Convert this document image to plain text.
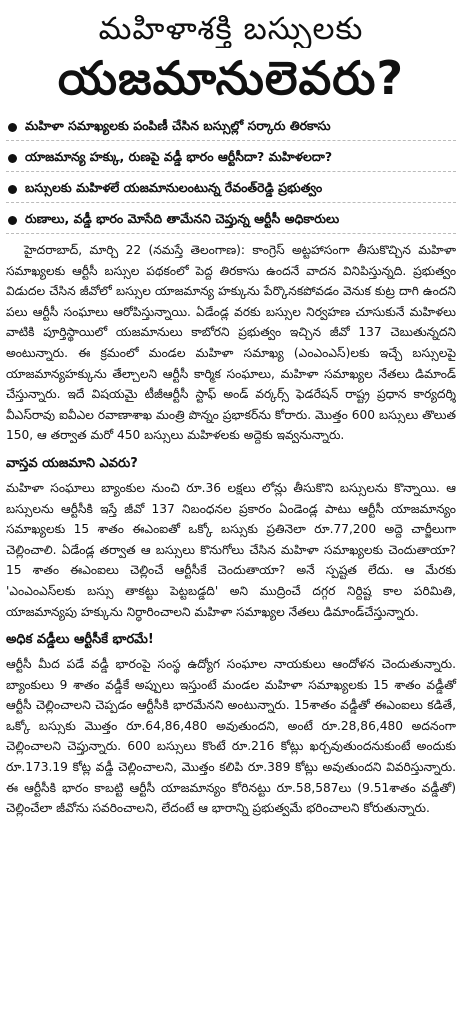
మహిళాశక్తి బస్సులకు
యజమానులెవరు?
మహిళా సమాఖ్యలకు పంపిణీ చేసిన బస్సుల్లో సర్కారు తిరకాసు
యాజమాన్య హక్కు, రుణపై వడ్డీ భారం ఆర్టీసీదా? మహిళలదా?
బస్సులకు మహిళలే యజమానులంటున్న రేవంత్‌రెడ్డి ప్రభుత్వం
రుణాలు, వడ్డీ భారం మోసేది తామేనని చెప్తున్న ఆర్టీసీ అధికారులు

హైదరాబాద్, మార్చి 22 (నమస్తే తెలంగాణ): కాంగ్రెస్ అట్టహాసంగా తీసుకొచ్చిన మహిళా సమాఖ్యలకు ఆర్టీసీ బస్సుల పథకంలో పెద్ద తిరకాసు ఉందనే వాదన వినిపిస్తున్నది. ప్రభుత్వం విడుదల చేసిన జీవోలో బస్సుల యాజమాన్య హక్కును పేర్కొనకపోవడం వెనుక కుట్ర దాగి ఉందని పలు ఆర్టీసీ సంఘాలు ఆరోపిస్తున్నాయి. ఏడేండ్ల వరకు బస్సుల నిర్వహణ చూసుకునే మహిళలు వాటికి పూర్తిస్థాయిలో యజమానులు కాబోరని ప్రభుత్వం ఇచ్చిన జీవో 137 చెబుతున్నదని అంటున్నారు. ఈ క్రమంలో మండల మహిళా సమాఖ్య (ఎంఎంఎస్)లకు ఇచ్చే బస్సులపై యాజమాన్యహక్కును తేల్చాలని ఆర్టీసీ కార్మిక సంఘాలు, మహిళా సమాఖ్యల నేతలు డిమాండ్ చేస్తున్నారు. ఇదే విషయమై టీజీఆర్టీసీ స్టాఫ్ అండ్ వర్కర్స్ ఫెడరేషన్ రాష్ట్ర ప్రధాన కార్యదర్శి వీఎస్‌రావు ఐవీఎల రవాణాశాఖ మంత్రి పొన్నం ప్రభాకర్‌ను కోరారు. మొత్తం 600 బస్సులు తొలుత 150, ఆ తర్వాత మరో 450 బస్సులు మహిళలకు అద్దెకు ఇవ్వనున్నారు.

వాస్తవ యజమాని ఎవరు?

మహిళా సంఘాలు బ్యాంకుల నుంచి రూ.36 లక్షలు లోన్లు తీసుకొని బస్సులను కొన్నాయి. ఆ బస్సులను ఆర్టీసీకి ఇస్తే జీవో 137 నిబంధనల ప్రకారం ఏండెండ్ల పాటు ఆర్టీసీ యాజమాన్యం సమాఖ్యలకు 15 శాతం ఈఎంఐతో ఒక్కో బస్సుకు ప్రతినెలా రూ.77,200 అద్దె చార్జీలుగా చెల్లించాలి. ఏడేండ్ల తర్వాత ఆ బస్సులు కొనుగోలు చేసిన మహిళా సమాఖ్యలకు చెందుతాయా? 15 శాతం ఈఎంఐలు చెల్లించే ఆర్టీసీకే చెందుతాయా? అనే స్పష్టత లేదు. ఆ మేరకు 'ఎంఎంఎస్‌లకు బస్సు తాకట్టు పెట్టబడ్డది' అని ముద్రించే దగ్గర నిర్దిష్ట కాల పరిమితి, యాజమాన్యపు హక్కును నిర్ధారించాలని మహిళా సమాఖ్యల నేతలు డిమాండ్‌చేస్తున్నారు.

అధిక వడ్డీలు ఆర్టీసీకే భారమే!

ఆర్టీసీ మీద పడే వడ్డీ భారంపై సంస్థ ఉద్యోగ సంఘాల నాయకులు ఆందోళన చెందుతున్నారు. బ్యాంకులు 9 శాతం వడ్డీకే అప్పులు ఇస్తుంటే మండల మహిళా సమాఖ్యలకు 15 శాతం వడ్డీతో ఆర్టీసీ చెల్లించాలని చెప్పడం ఆర్టీసీకి భారమేనని అంటున్నారు. 15శాతం వడ్డీతో ఈఎంఐలు కడితే, ఒక్కో బస్సుకు మొత్తం రూ.64,86,480 అవుతుందని, అంటే రూ.28,86,480 అదనంగా చెల్లించాలని చెప్తున్నారు. 600 బస్సులు కొంటే రూ.216 కోట్లు ఖర్చవుతుందనుకుంటే అందుకు రూ.173.19 కోట్ల వడ్డీ చెల్లించాలని, మొత్తం కలిపి రూ.389 కోట్లు అవుతుందని వివరిస్తున్నారు. ఈ ఆర్టీసీకి భారం కాబట్టి ఆర్టీసీ యాజమాన్యం కోరినట్టు రూ.58,587లు (9.51శాతం వడ్డీతో) చెల్లించేలా జీవోను సవరించాలని, లేదంటే ఆ భారాన్ని ప్రభుత్వమే భరించాలని కోరుతున్నారు.
